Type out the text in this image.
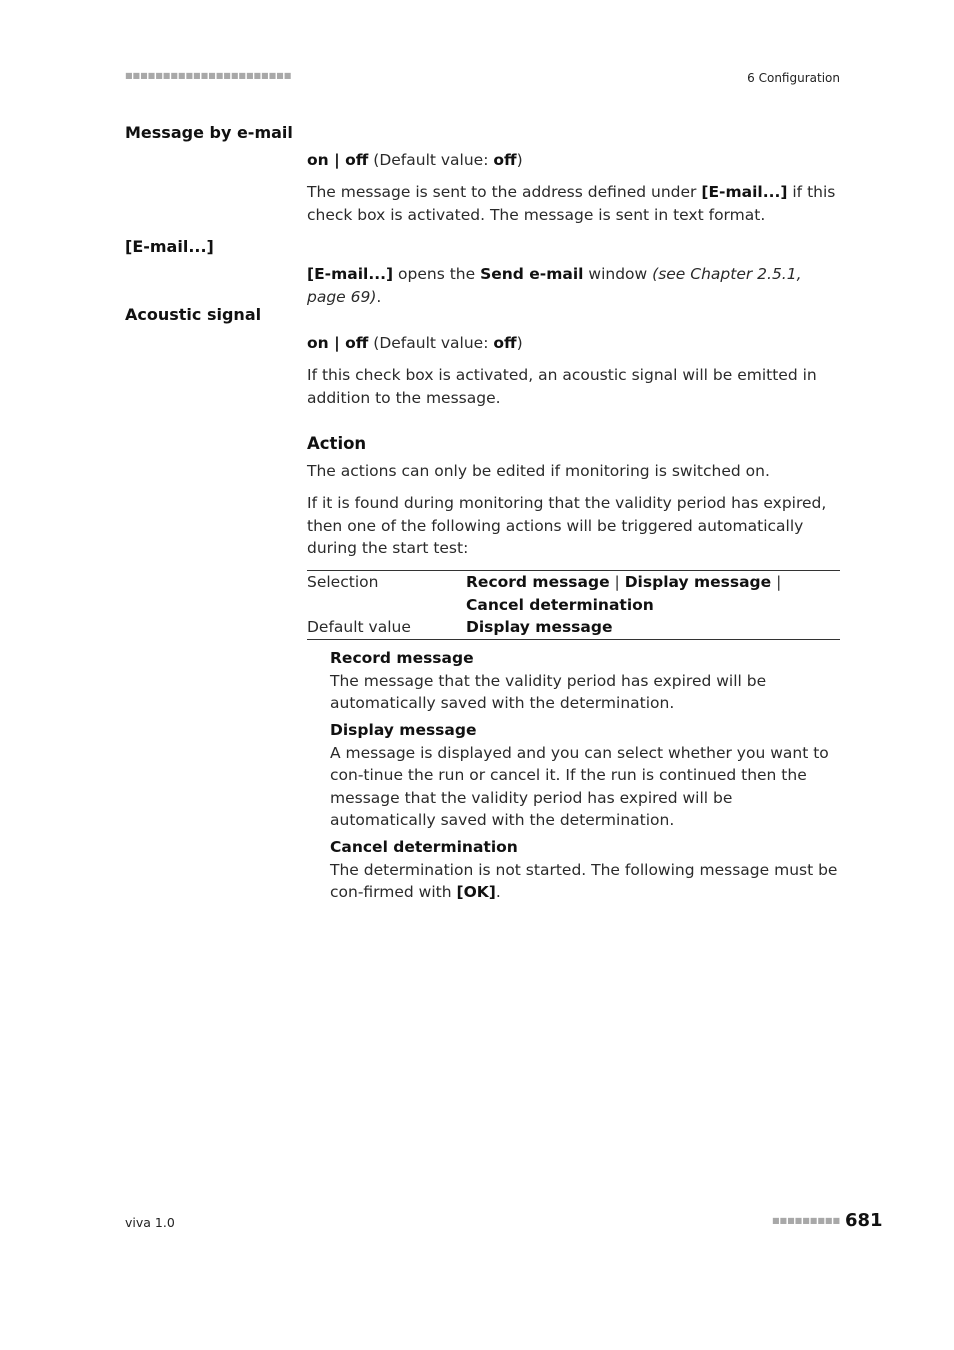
■■■■■■■■■■■■■■■■■■■■■■	6 Configuration
Message by e-mail
on | off (Default value: off)
The message is sent to the address defined under [E-mail...] if this check box is activated. The message is sent in text format.
[E-mail...]
[E-mail...] opens the Send e-mail window (see Chapter 2.5.1, page 69).
Acoustic signal
on | off (Default value: off)
If this check box is activated, an acoustic signal will be emitted in addition to the message.
Action
The actions can only be edited if monitoring is switched on.
If it is found during monitoring that the validity period has expired, then one of the following actions will be triggered automatically during the start test:
Selection	Record message | Display message | Cancel determination
Default value	Display message
Record message
The message that the validity period has expired will be automatically saved with the determination.
Display message
A message is displayed and you can select whether you want to con-tinue the run or cancel it. If the run is continued then the message that the validity period has expired will be automatically saved with the determination.
Cancel determination
The determination is not started. The following message must be con-firmed with [OK].
viva 1.0	■■■■■■■■■ 681
